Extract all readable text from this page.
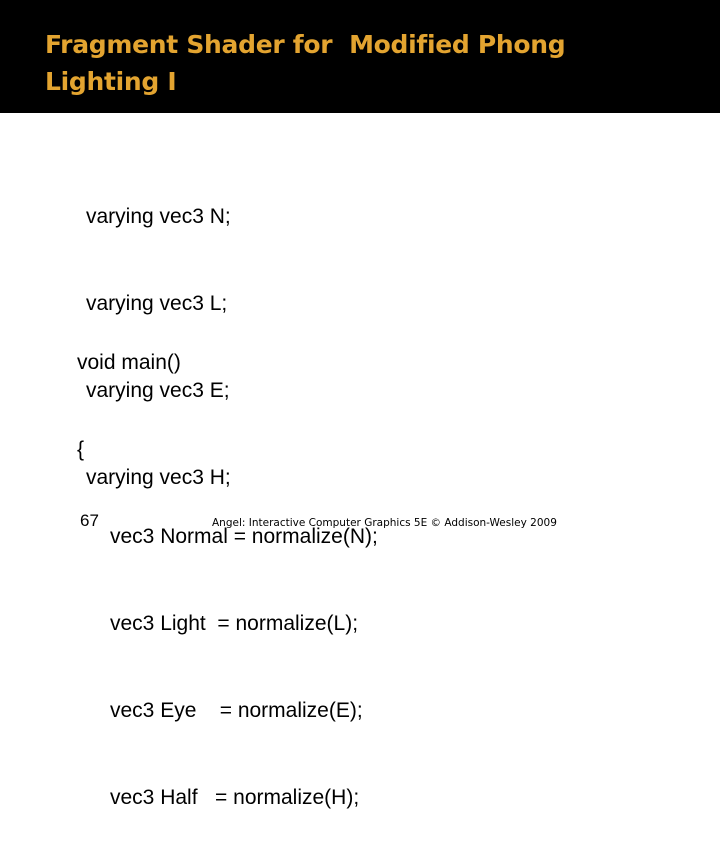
Fragment Shader for  Modified Phong
Lighting I

varying vec3 N;

varying vec3 L;

varying vec3 E;

varying vec3 H;

void main()

{

vec3 Normal = normalize(N);

vec3 Light  = normalize(L);

vec3 Eye    = normalize(E);

vec3 Half   = normalize(H);

67	Angel: Interactive Computer Graphics 5E © Addison-Wesley 2009
